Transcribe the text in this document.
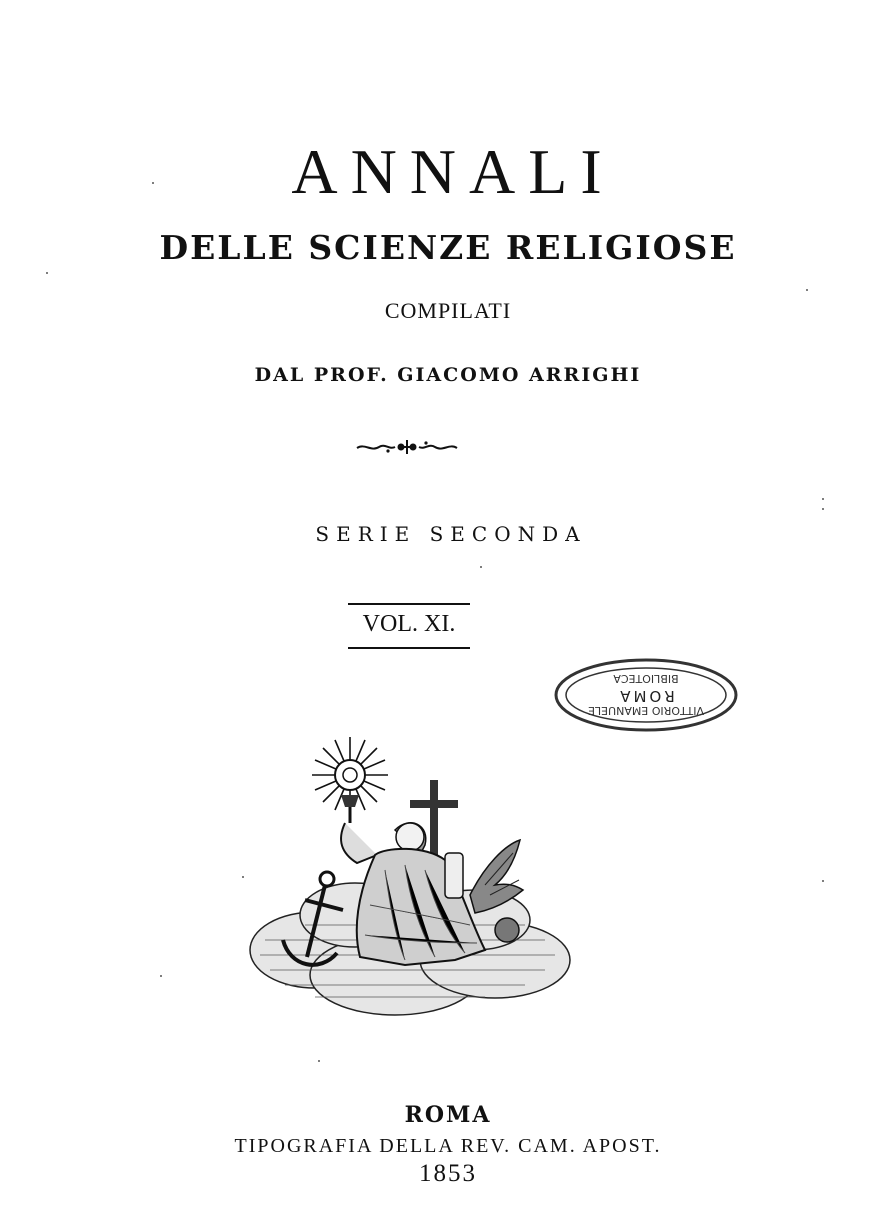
ANNALI
DELLE SCIENZE RELIGIOSE
COMPILATI
DAL PROF. GIACOMO ARRIGHI
SERIE SECONDA
VOL. XI.
VITTORIO EMANUELE
ROMA
BIBLIOTECA
ROMA
TIPOGRAFIA DELLA REV. CAM. APOST.
1853
